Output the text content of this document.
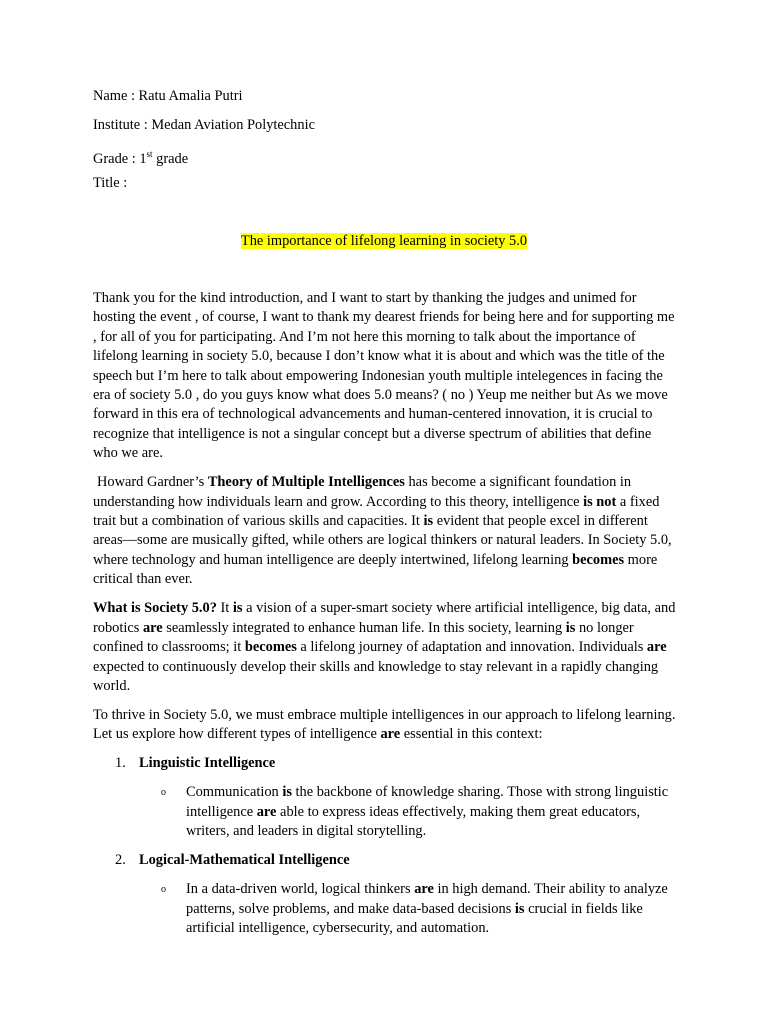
Name : Ratu Amalia Putri

Institute : Medan Aviation Polytechnic

Grade : 1st grade

Title :

The importance of lifelong learning in society 5.0

Thank you for the kind introduction, and I want to start by thanking the judges and unimed for hosting the event , of course, I want to thank my dearest friends for being here and for supporting me , for all of you for participating. And I’m not here this morning to talk about the importance of lifelong learning in society 5.0, because I don’t know what it is about and which was the title of the speech but I’m here to talk about empowering Indonesian youth multiple intelegences in facing the era of society 5.0 , do you guys know what does 5.0 means? ( no ) Yeup me neither but As we move forward in this era of technological advancements and human-centered innovation, it is crucial to recognize that intelligence is not a singular concept but a diverse spectrum of abilities that define who we are.

Howard Gardner’s Theory of Multiple Intelligences has become a significant foundation in understanding how individuals learn and grow. According to this theory, intelligence is not a fixed trait but a combination of various skills and capacities. It is evident that people excel in different areas—some are musically gifted, while others are logical thinkers or natural leaders. In Society 5.0, where technology and human intelligence are deeply intertwined, lifelong learning becomes more critical than ever.

What is Society 5.0? It is a vision of a super-smart society where artificial intelligence, big data, and robotics are seamlessly integrated to enhance human life. In this society, learning is no longer confined to classrooms; it becomes a lifelong journey of adaptation and innovation. Individuals are expected to continuously develop their skills and knowledge to stay relevant in a rapidly changing world.

To thrive in Society 5.0, we must embrace multiple intelligences in our approach to lifelong learning. Let us explore how different types of intelligence are essential in this context:

1. Linguistic Intelligence
o Communication is the backbone of knowledge sharing. Those with strong linguistic intelligence are able to express ideas effectively, making them great educators, writers, and leaders in digital storytelling.
2. Logical-Mathematical Intelligence
o In a data-driven world, logical thinkers are in high demand. Their ability to analyze patterns, solve problems, and make data-based decisions is crucial in fields like artificial intelligence, cybersecurity, and automation.
